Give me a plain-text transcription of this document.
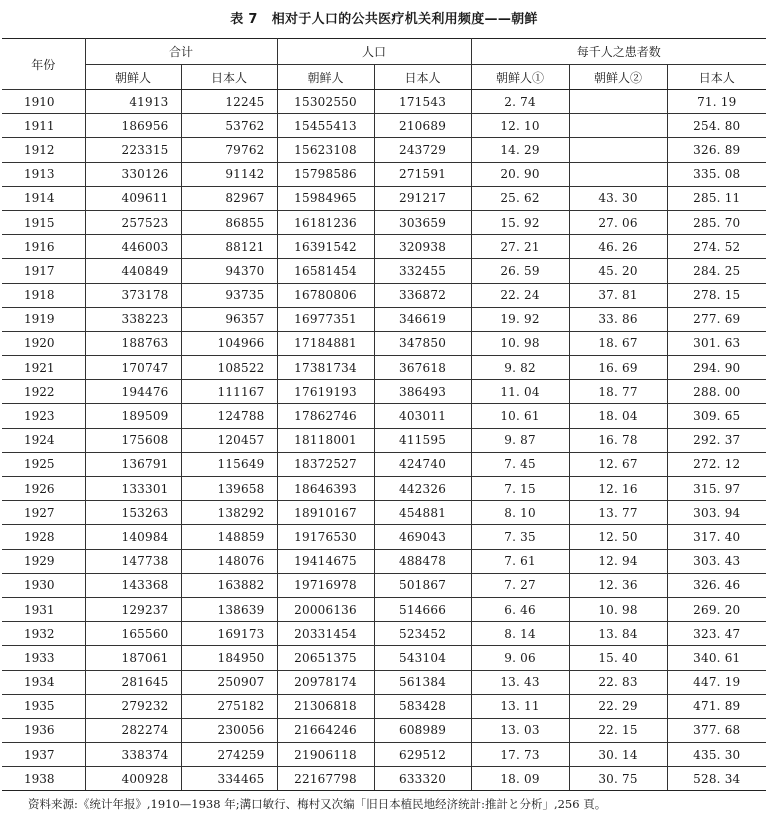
表 7 相对于人口的公共医疗机关利用频度——朝鲜
年份	合计		人口		每千人之患者数		
	朝鲜人	日本人	朝鲜人	日本人	朝鲜人①	朝鲜人②	日本人
1910	41913	12245	15302550	171543	2. 74		71. 19
1911	186956	53762	15455413	210689	12. 10		254. 80
1912	223315	79762	15623108	243729	14. 29		326. 89
1913	330126	91142	15798586	271591	20. 90		335. 08
1914	409611	82967	15984965	291217	25. 62	43. 30	285. 11
1915	257523	86855	16181236	303659	15. 92	27. 06	285. 70
1916	446003	88121	16391542	320938	27. 21	46. 26	274. 52
1917	440849	94370	16581454	332455	26. 59	45. 20	284. 25
1918	373178	93735	16780806	336872	22. 24	37. 81	278. 15
1919	338223	96357	16977351	346619	19. 92	33. 86	277. 69
1920	188763	104966	17184881	347850	10. 98	18. 67	301. 63
1921	170747	108522	17381734	367618	9. 82	16. 69	294. 90
1922	194476	111167	17619193	386493	11. 04	18. 77	288. 00
1923	189509	124788	17862746	403011	10. 61	18. 04	309. 65
1924	175608	120457	18118001	411595	9. 87	16. 78	292. 37
1925	136791	115649	18372527	424740	7. 45	12. 67	272. 12
1926	133301	139658	18646393	442326	7. 15	12. 16	315. 97
1927	153263	138292	18910167	454881	8. 10	13. 77	303. 94
1928	140984	148859	19176530	469043	7. 35	12. 50	317. 40
1929	147738	148076	19414675	488478	7. 61	12. 94	303. 43
1930	143368	163882	19716978	501867	7. 27	12. 36	326. 46
1931	129237	138639	20006136	514666	6. 46	10. 98	269. 20
1932	165560	169173	20331454	523452	8. 14	13. 84	323. 47
1933	187061	184950	20651375	543104	9. 06	15. 40	340. 61
1934	281645	250907	20978174	561384	13. 43	22. 83	447. 19
1935	279232	275182	21306818	583428	13. 11	22. 29	471. 89
1936	282274	230056	21664246	608989	13. 03	22. 15	377. 68
1937	338374	274259	21906118	629512	17. 73	30. 14	435. 30
1938	400928	334465	22167798	633320	18. 09	30. 75	528. 34
资料来源:《统计年报》,1910—1938 年;溝口敏行、梅村又次编「旧日本植民地经济统計:推計と分析」,256 頁。
